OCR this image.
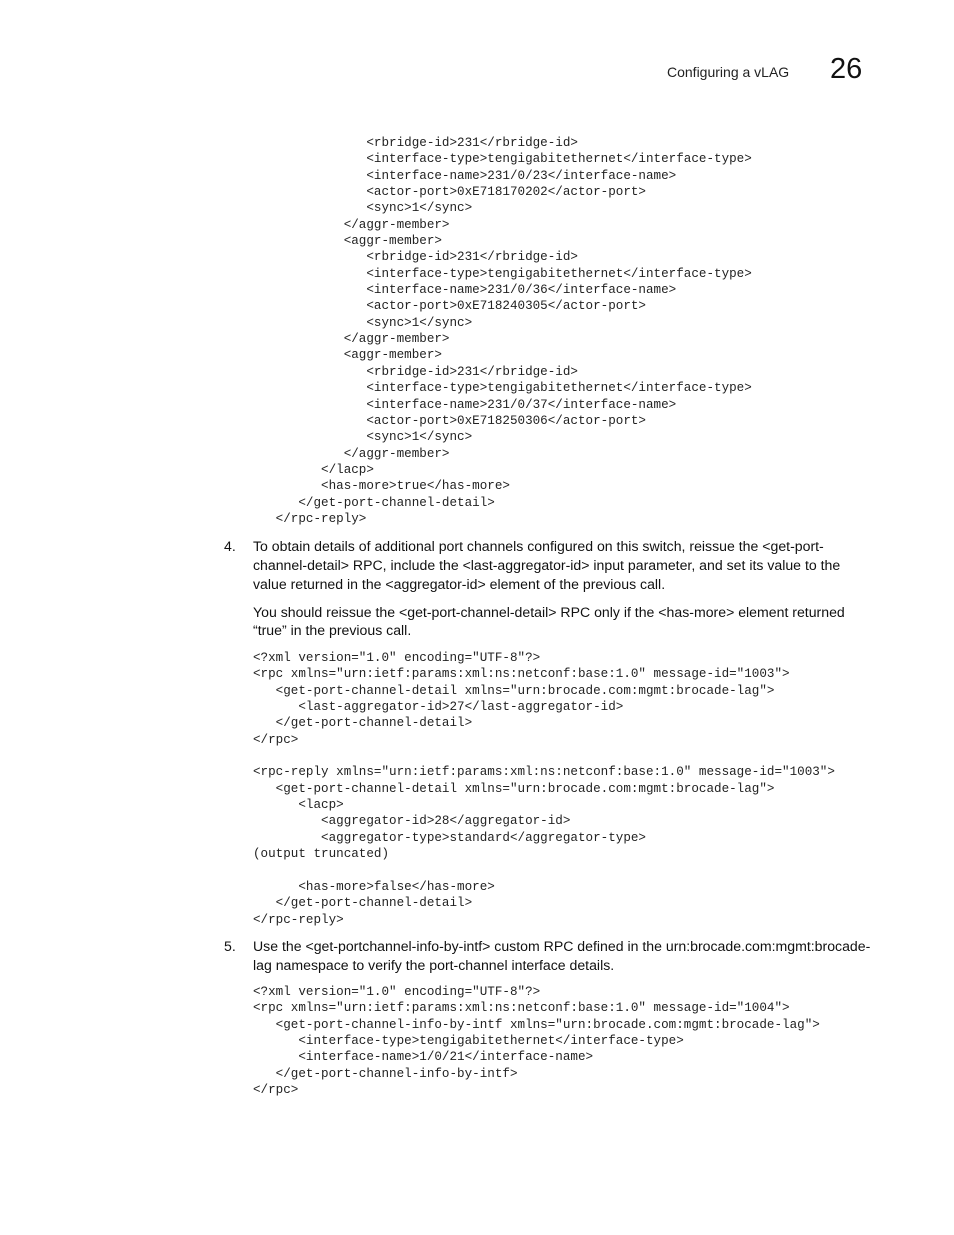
Configuring a vLAG 26
<rbridge-id>231</rbridge-id>
<interface-type>tengigabitethernet</interface-type>
<interface-name>231/0/23</interface-name>
<actor-port>0xE718170202</actor-port>
<sync>1</sync>
</aggr-member>
<aggr-member>
<rbridge-id>231</rbridge-id>
<interface-type>tengigabitethernet</interface-type>
<interface-name>231/0/36</interface-name>
<actor-port>0xE718240305</actor-port>
<sync>1</sync>
</aggr-member>
<aggr-member>
<rbridge-id>231</rbridge-id>
<interface-type>tengigabitethernet</interface-type>
<interface-name>231/0/37</interface-name>
<actor-port>0xE718250306</actor-port>
<sync>1</sync>
</aggr-member>
</lacp>
<has-more>true</has-more>
</get-port-channel-detail>
</rpc-reply>
4. To obtain details of additional port channels configured on this switch, reissue the <get-port-channel-detail> RPC, include the <last-aggregator-id> input parameter, and set its value to the value returned in the <aggregator-id> element of the previous call.
You should reissue the <get-port-channel-detail> RPC only if the <has-more> element returned “true” in the previous call.
<?xml version="1.0" encoding="UTF-8"?>
<rpc xmlns="urn:ietf:params:xml:ns:netconf:base:1.0" message-id="1003">
<get-port-channel-detail xmlns="urn:brocade.com:mgmt:brocade-lag">
<last-aggregator-id>27</last-aggregator-id>
</get-port-channel-detail>
</rpc>

<rpc-reply xmlns="urn:ietf:params:xml:ns:netconf:base:1.0" message-id="1003">
<get-port-channel-detail xmlns="urn:brocade.com:mgmt:brocade-lag">
<lacp>
<aggregator-id>28</aggregator-id>
<aggregator-type>standard</aggregator-type>
(output truncated)

<has-more>false</has-more>
</get-port-channel-detail>
</rpc-reply>
5. Use the <get-portchannel-info-by-intf> custom RPC defined in the urn:brocade.com:mgmt:brocade-lag namespace to verify the port-channel interface details.
<?xml version="1.0" encoding="UTF-8"?>
<rpc xmlns="urn:ietf:params:xml:ns:netconf:base:1.0" message-id="1004">
<get-port-channel-info-by-intf xmlns="urn:brocade.com:mgmt:brocade-lag">
<interface-type>tengigabitethernet</interface-type>
<interface-name>1/0/21</interface-name>
</get-port-channel-info-by-intf>
</rpc>
